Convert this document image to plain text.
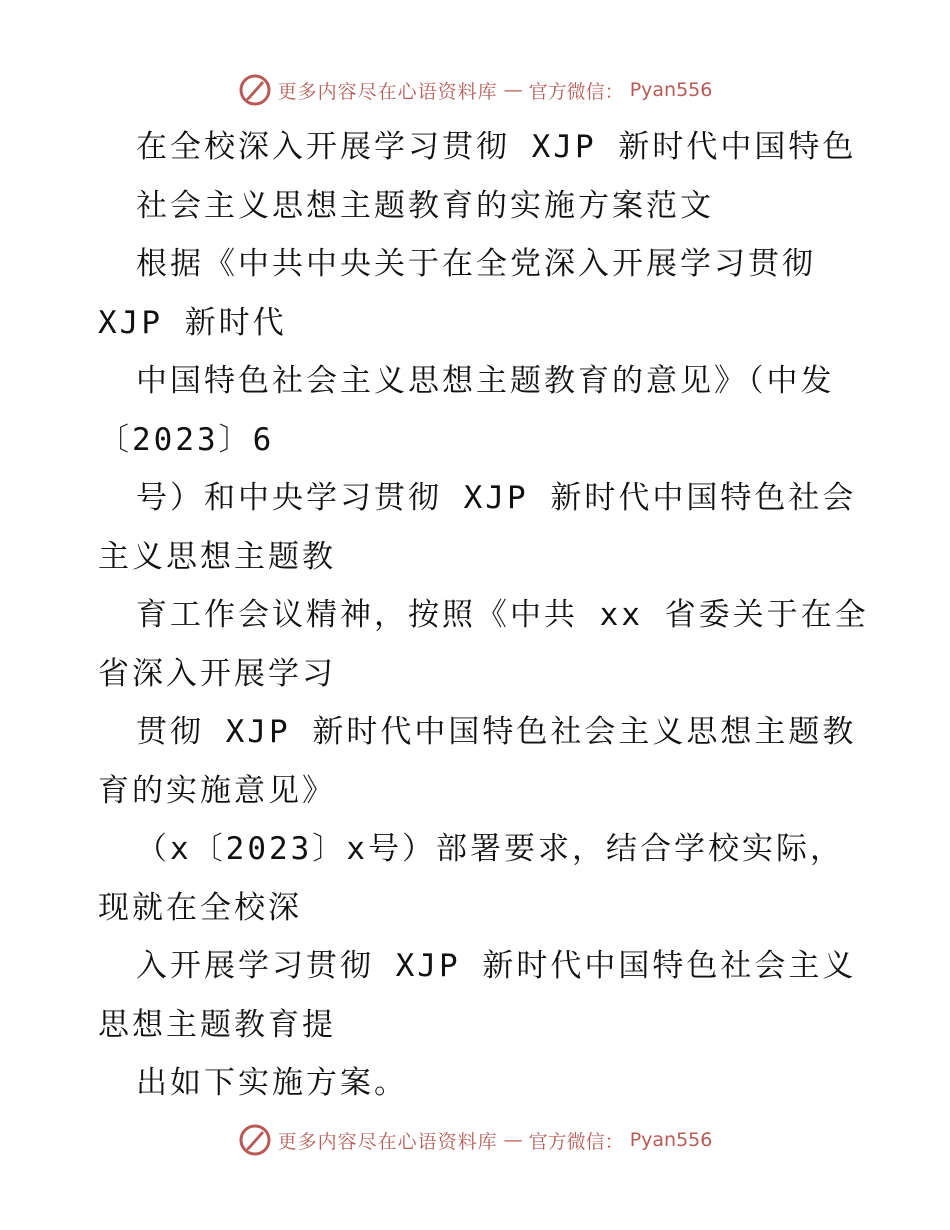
更多内容尽在心语资料库 — 官方微信： Pyan556
在全校深入开展学习贯彻 XJP 新时代中国特色
社会主义思想主题教育的实施方案范文
根据《中共中央关于在全党深入开展学习贯彻
XJP 新时代
中国特色社会主义思想主题教育的意见》（中发
〔2023〕6
号）和中央学习贯彻 XJP 新时代中国特色社会
主义思想主题教
育工作会议精神，按照《中共 xx 省委关于在全
省深入开展学习
贯彻 XJP 新时代中国特色社会主义思想主题教
育的实施意见》
（x〔2023〕x号）部署要求，结合学校实际，
现就在全校深
入开展学习贯彻 XJP 新时代中国特色社会主义
思想主题教育提
出如下实施方案。
更多内容尽在心语资料库 — 官方微信： Pyan556
